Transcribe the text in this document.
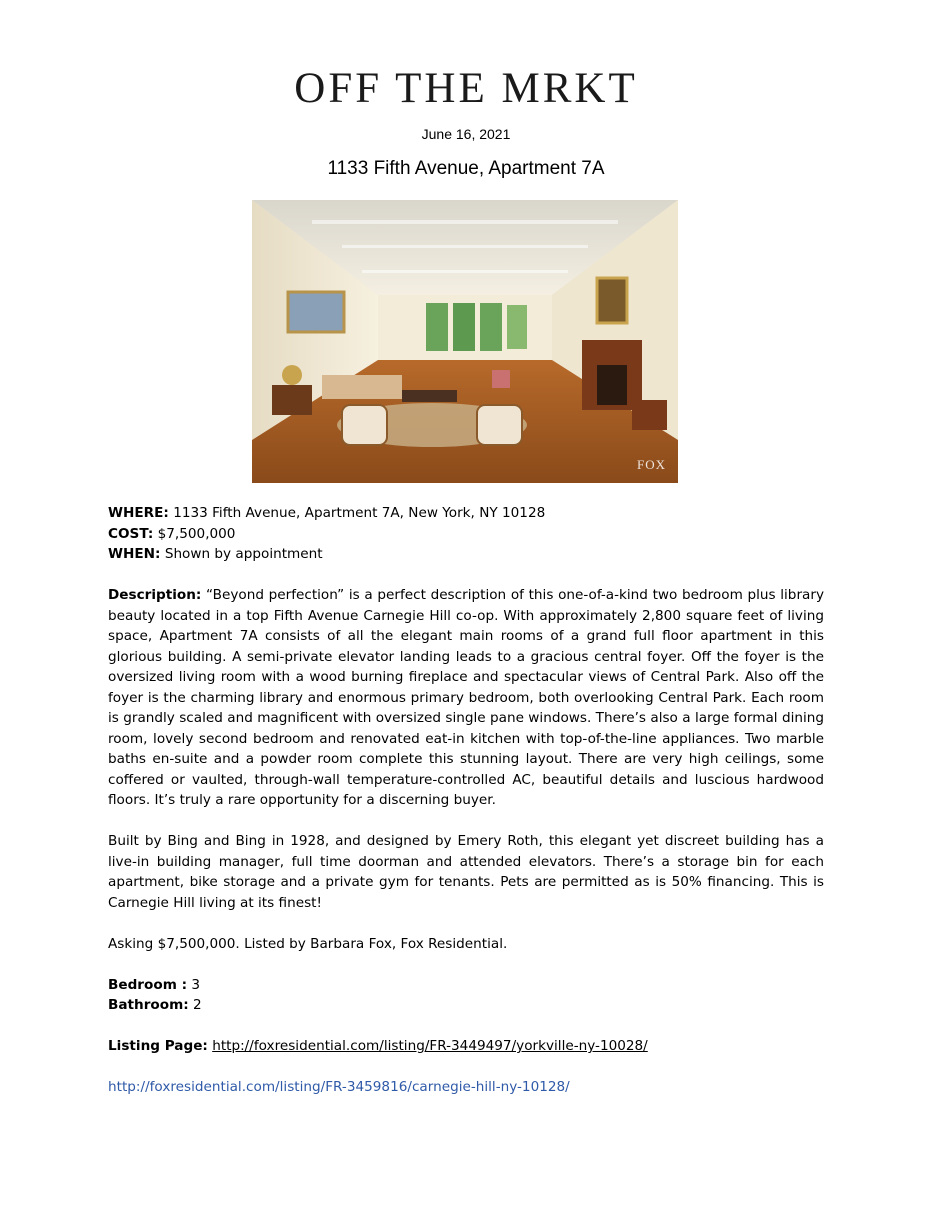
OFF THE MRKT
June 16, 2021
1133 Fifth Avenue, Apartment 7A
FOX

WHERE: 1133 Fifth Avenue, Apartment 7A, New York, NY 10128

COST: $7,500,000

WHEN: Shown by appointment

Description: “Beyond perfection” is a perfect description of this one-of-a-kind two bedroom plus library beauty located in a top Fifth Avenue Carnegie Hill co-op. With approximately 2,800 square feet of living space, Apartment 7A consists of all the elegant main rooms of a grand full floor apartment in this glorious building. A semi-private elevator landing leads to a gracious central foyer. Off the foyer is the oversized living room with a wood burning fireplace and spectacular views of Central Park. Also off the foyer is the charming library and enormous primary bedroom, both overlooking Central Park. Each room is grandly scaled and magnificent with oversized single pane windows. There’s also a large formal dining room, lovely second bedroom and renovated eat-in kitchen with top-of-the-line appliances. Two marble baths en-suite and a powder room complete this stunning layout. There are very high ceilings, some coffered or vaulted, through-wall temperature-controlled AC, beautiful details and luscious hardwood floors. It’s truly a rare opportunity for a discerning buyer.

Built by Bing and Bing in 1928, and designed by Emery Roth, this elegant yet discreet building has a live-in building manager, full time doorman and attended elevators. There’s a storage bin for each apartment, bike storage and a private gym for tenants. Pets are permitted as is 50% financing. This is Carnegie Hill living at its finest!

Asking $7,500,000. Listed by Barbara Fox, Fox Residential.

Bedroom : 3

Bathroom: 2

Listing Page: http://foxresidential.com/listing/FR-3449497/yorkville-ny-10028/

http://foxresidential.com/listing/FR-3459816/carnegie-hill-ny-10128/
